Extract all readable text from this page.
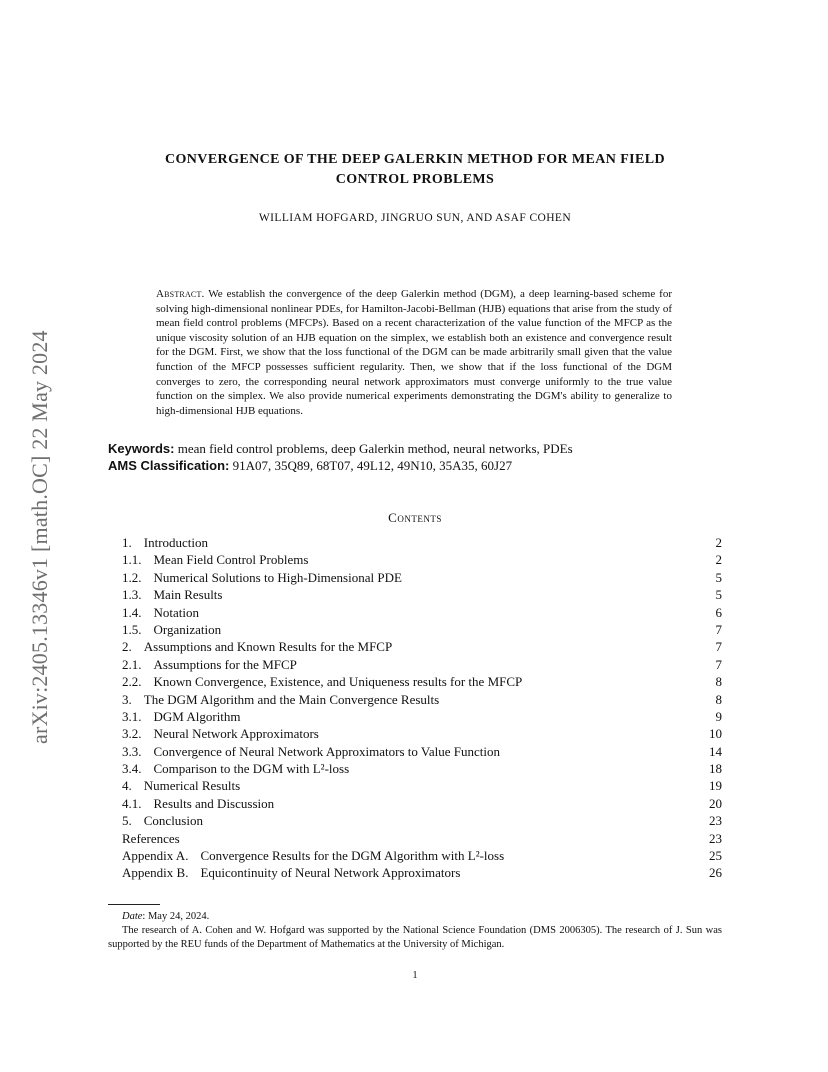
arXiv:2405.13346v1 [math.OC] 22 May 2024
CONVERGENCE OF THE DEEP GALERKIN METHOD FOR MEAN FIELD
CONTROL PROBLEMS
WILLIAM HOFGARD, JINGRUO SUN, AND ASAF COHEN
Abstract. We establish the convergence of the deep Galerkin method (DGM), a deep learning-based scheme for solving high-dimensional nonlinear PDEs, for Hamilton-Jacobi-Bellman (HJB) equations that arise from the study of mean field control problems (MFCPs). Based on a recent characterization of the value function of the MFCP as the unique viscosity solution of an HJB equation on the simplex, we establish both an existence and convergence result for the DGM. First, we show that the loss functional of the DGM can be made arbitrarily small given that the value function of the MFCP possesses sufficient regularity. Then, we show that if the loss functional of the DGM converges to zero, the corresponding neural network approximators must converge uniformly to the true value function on the simplex. We also provide numerical experiments demonstrating the DGM's ability to generalize to high-dimensional HJB equations.
Keywords: mean field control problems, deep Galerkin method, neural networks, PDEs
AMS Classification: 91A07, 35Q89, 68T07, 49L12, 49N10, 35A35, 60J27
Contents
1. Introduction	2
1.1. Mean Field Control Problems	2
1.2. Numerical Solutions to High-Dimensional PDE	5
1.3. Main Results	5
1.4. Notation	6
1.5. Organization	7
2. Assumptions and Known Results for the MFCP	7
2.1. Assumptions for the MFCP	7
2.2. Known Convergence, Existence, and Uniqueness results for the MFCP	8
3. The DGM Algorithm and the Main Convergence Results	8
3.1. DGM Algorithm	9
3.2. Neural Network Approximators	10
3.3. Convergence of Neural Network Approximators to Value Function	14
3.4. Comparison to the DGM with L²-loss	18
4. Numerical Results	19
4.1. Results and Discussion	20
5. Conclusion	23
References	23
Appendix A. Convergence Results for the DGM Algorithm with L²-loss	25
Appendix B. Equicontinuity of Neural Network Approximators	26
Date: May 24, 2024.
The research of A. Cohen and W. Hofgard was supported by the National Science Foundation (DMS 2006305). The research of J. Sun was supported by the REU funds of the Department of Mathematics at the University of Michigan.
1
